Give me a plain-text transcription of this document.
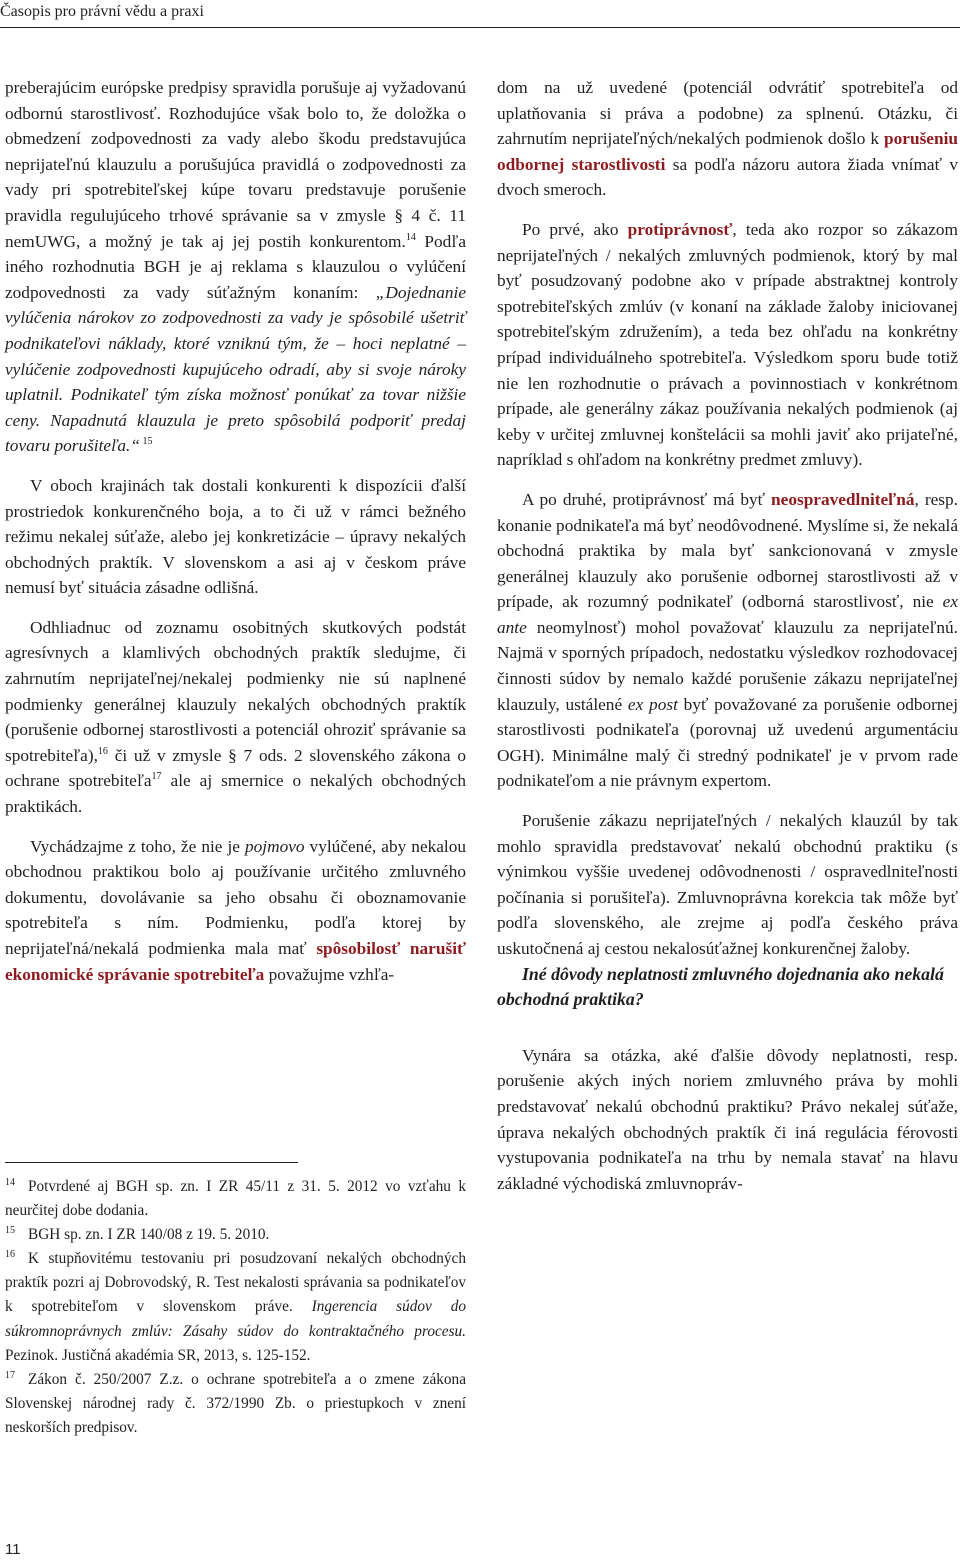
Časopis pro právní vědu a praxi

preberajúcim európske predpisy spravidla porušuje aj vyžadovanú odbornú starostlivosť. Rozhodujúce však bolo to, že doložka o obmedzení zodpovednosti za vady alebo škodu predstavujúca neprijateľnú klauzulu a porušujúca pravidlá o zodpovednosti za vady pri spotrebiteľskej kúpe tovaru predstavuje porušenie pravidla regulujúceho trhové správanie sa v zmysle § 4 č. 11 nemUWG, a možný je tak aj jej postih konkurentom.$^{14}$ Podľa iného rozhodnutia BGH je aj reklama s klauzulou o vylúčení zodpovednosti za vady súťažným konaním: „Dojednanie vylúčenia nárokov zo zodpovednosti za vady je spôsobilé ušetriť podnikateľovi náklady, ktoré vzniknú tým, že – hoci neplatné – vylúčenie zodpovednosti kupujúceho odradí, aby si svoje nároky uplatnil. Podnikateľ tým získa možnosť ponúkať za tovar nižšie ceny. Napadnutá klauzula je preto spôsobilá podporiť predaj tovaru porušiteľa.“ $^{15}$

V oboch krajinách tak dostali konkurenti k dispozícii ďalší prostriedok konkurenčného boja, a to či už v rámci bežného režimu nekalej súťaže, alebo jej konkretizácie – úpravy nekalých obchodných praktík. V slovenskom a asi aj v českom práve nemusí byť situácia zásadne odlišná.

Odhliadnuc od zoznamu osobitných skutkových podstát agresívnych a klamlivých obchodných praktík sledujme, či zahrnutím neprijateľnej/nekalej podmienky nie sú naplnené podmienky generálnej klauzuly nekalých obchodných praktík (porušenie odbornej starostlivosti a potenciál ohroziť správanie sa spotrebiteľa),$^{16}$ či už v zmysle § 7 ods. 2 slovenského zákona o ochrane spotrebiteľa$^{17}$ ale aj smernice o nekalých obchodných praktikách.

Vychádzajme z toho, že nie je pojmovo vylúčené, aby nekalou obchodnou praktikou bolo aj používanie určitého zmluvného dokumentu, dovolávanie sa jeho obsahu či oboznamovanie spotrebiteľa s ním. Podmienku, podľa ktorej by neprijateľná/nekalá podmienka mala mať spôsobilosť narušiť ekonomické správanie spotrebiteľa považujme vzhľa-

$^{14}$ Potvrdené aj BGH sp. zn. I ZR 45/11 z 31. 5. 2012 vo vzťahu k neurčitej dobe dodania.

$^{15}$ BGH sp. zn. I ZR 140/08 z 19. 5. 2010.

$^{16}$ K stupňovitému testovaniu pri posudzovaní nekalých obchodných praktík pozri aj Dobrovodský, R. Test nekalosti správania sa podnikateľov k spotrebiteľom v slovenskom práve. Ingerencia súdov do súkromnoprávnych zmlúv: Zásahy súdov do kontraktačného procesu. Pezinok. Justičná akadémia SR, 2013, s. 125-152.

$^{17}$ Zákon č. 250/2007 Z.z. o ochrane spotrebiteľa a o zmene zákona Slovenskej národnej rady č. 372/1990 Zb. o priestupkoch v znení neskorších predpisov.

dom na už uvedené (potenciál odvrátiť spotrebiteľa od uplatňovania si práva a podobne) za splnenú. Otázku, či zahrnutím neprijateľných/nekalých podmienok došlo k porušeniu odbornej starostlivosti sa podľa názoru autora žiada vnímať v dvoch smeroch.

Po prvé, ako protiprávnosť, teda ako rozpor so zákazom neprijateľných / nekalých zmluvných podmienok, ktorý by mal byť posudzovaný podobne ako v prípade abstraktnej kontroly spotrebiteľských zmlúv (v konaní na základe žaloby iniciovanej spotrebiteľským združením), a teda bez ohľadu na konkrétny prípad individuálneho spotrebiteľa. Výsledkom sporu bude totiž nie len rozhodnutie o právach a povinnostiach v konkrétnom prípade, ale generálny zákaz používania nekalých podmienok (aj keby v určitej zmluvnej konštelácii sa mohli javiť ako prijateľné, napríklad s ohľadom na konkrétny predmet zmluvy).

A po druhé, protiprávnosť má byť neospravedlniteľná, resp. konanie podnikateľa má byť neodôvodnené. Myslíme si, že nekalá obchodná praktika by mala byť sankcionovaná v zmysle generálnej klauzuly ako porušenie odbornej starostlivosti až v prípade, ak rozumný podnikateľ (odborná starostlivosť, nie ex ante neomylnosť) mohol považovať klauzulu za neprijateľnú. Najmä v sporných prípadoch, nedostatku výsledkov rozhodovacej činnosti súdov by nemalo každé porušenie zákazu neprijateľnej klauzuly, ustálené ex post byť považované za porušenie odbornej starostlivosti podnikateľa (porovnaj už uvedenú argumentáciu OGH). Minimálne malý či stredný podnikateľ je v prvom rade podnikateľom a nie právnym expertom.

Porušenie zákazu neprijateľných / nekalých klauzúl by tak mohlo spravidla predstavovať nekalú obchodnú praktiku (s výnimkou vyššie uvedenej odôvodnenosti / ospravedlniteľnosti počínania si porušiteľa). Zmluvnoprávna korekcia tak môže byť podľa slovenského, ale zrejme aj podľa českého práva uskutočnená aj cestou nekalosúťažnej konkurenčnej žaloby.

Iné dôvody neplatnosti zmluvného dojednania ako nekalá obchodná praktika?

Vynára sa otázka, aké ďalšie dôvody neplatnosti, resp. porušenie akých iných noriem zmluvného práva by mohli predstavovať nekalú obchodnú praktiku? Právo nekalej súťaže, úprava nekalých obchodných praktík či iná regulácia férovosti vystupovania podnikateľa na trhu by nemala stavať na hlavu základné východiská zmluvnopráv-

11
